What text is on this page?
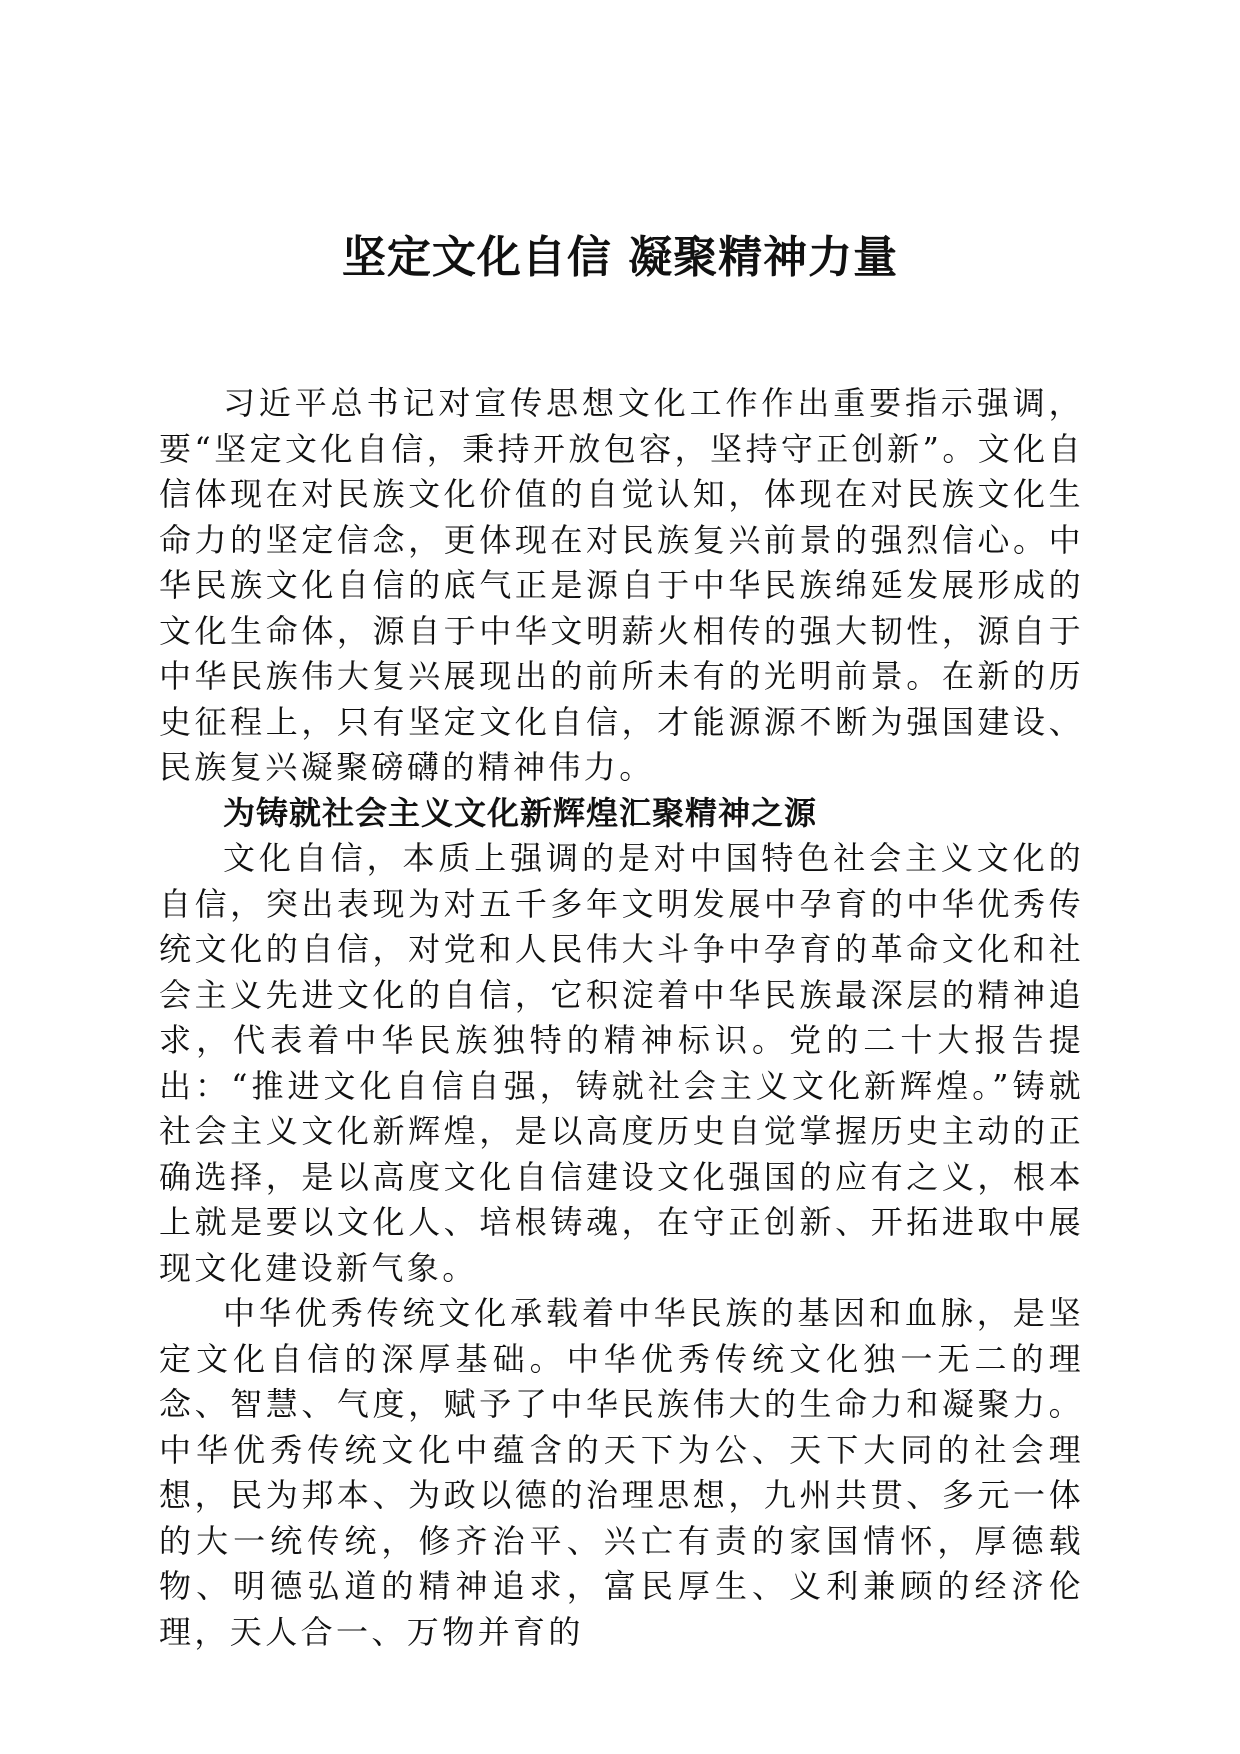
坚定文化自信 凝聚精神力量

习近平总书记对宣传思想文化工作作出重要指示强调，要“坚定文化自信，秉持开放包容，坚持守正创新”。文化自信体现在对民族文化价值的自觉认知，体现在对民族文化生命力的坚定信念，更体现在对民族复兴前景的强烈信心。中华民族文化自信的底气正是源自于中华民族绵延发展形成的文化生命体，源自于中华文明薪火相传的强大韧性，源自于中华民族伟大复兴展现出的前所未有的光明前景。在新的历史征程上，只有坚定文化自信，才能源源不断为强国建设、民族复兴凝聚磅礴的精神伟力。

为铸就社会主义文化新辉煌汇聚精神之源

文化自信，本质上强调的是对中国特色社会主义文化的自信，突出表现为对五千多年文明发展中孕育的中华优秀传统文化的自信，对党和人民伟大斗争中孕育的革命文化和社会主义先进文化的自信，它积淀着中华民族最深层的精神追求，代表着中华民族独特的精神标识。党的二十大报告提出：“推进文化自信自强，铸就社会主义文化新辉煌。”铸就社会主义文化新辉煌，是以高度历史自觉掌握历史主动的正确选择，是以高度文化自信建设文化强国的应有之义，根本上就是要以文化人、培根铸魂，在守正创新、开拓进取中展现文化建设新气象。

中华优秀传统文化承载着中华民族的基因和血脉，是坚定文化自信的深厚基础。中华优秀传统文化独一无二的理念、智慧、气度，赋予了中华民族伟大的生命力和凝聚力。中华优秀传统文化中蕴含的天下为公、天下大同的社会理想，民为邦本、为政以德的治理思想，九州共贯、多元一体的大一统传统，修齐治平、兴亡有责的家国情怀，厚德载物、明德弘道的精神追求，富民厚生、义利兼顾的经济伦理，天人合一、万物并育的
